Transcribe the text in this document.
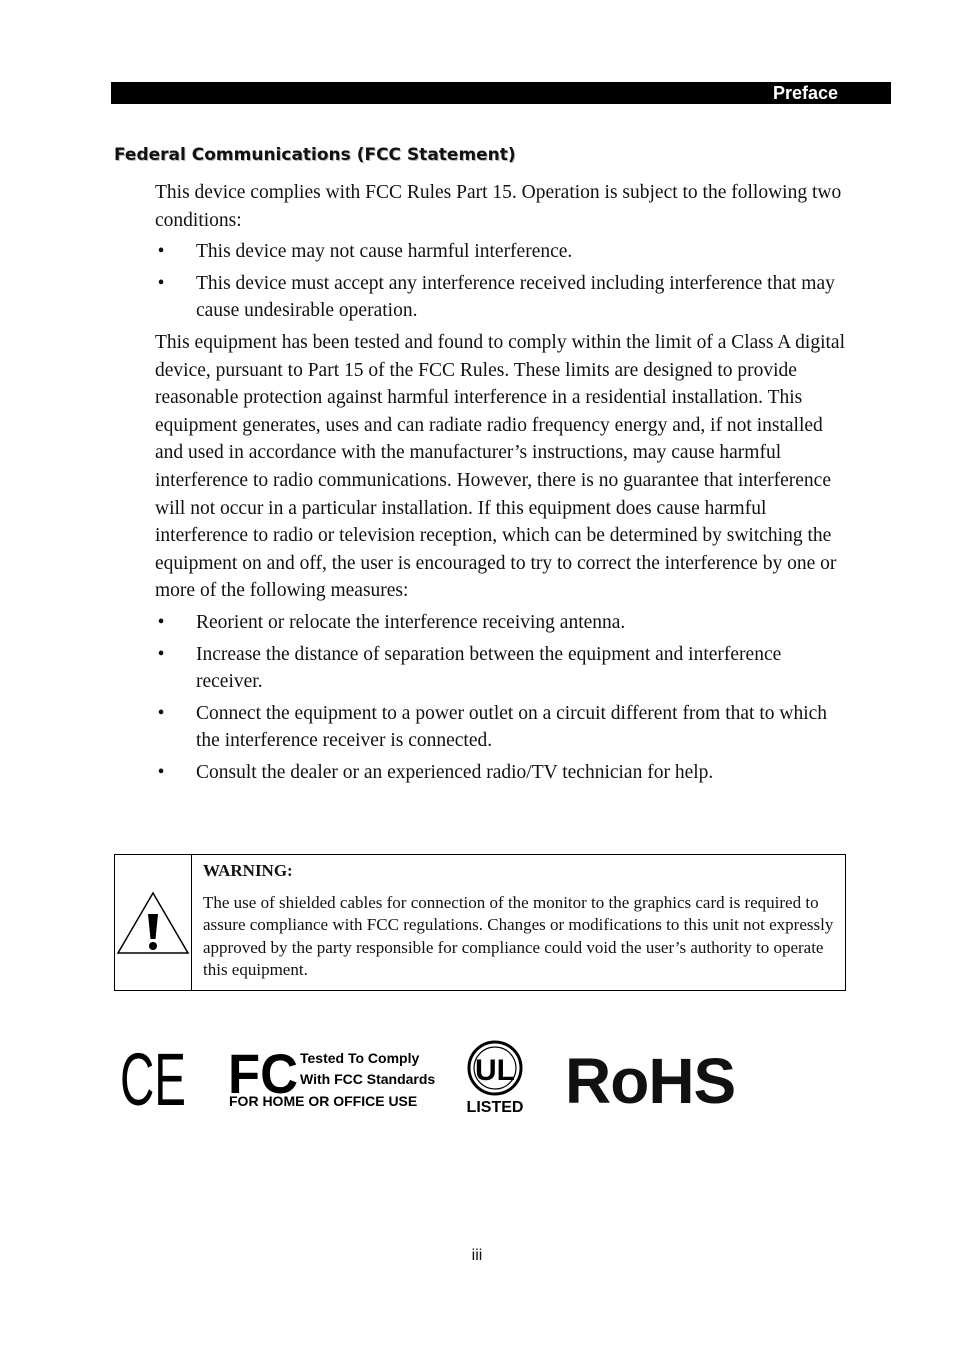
Preface
Federal Communications (FCC Statement)

This device complies with FCC Rules Part 15. Operation is subject to the following two conditions:

• This device may not cause harmful interference.
• This device must accept any interference received including interference that may cause undesirable operation.

This equipment has been tested and found to comply within the limit of a Class A digital device, pursuant to Part 15 of the FCC Rules. These limits are designed to provide reasonable protection against harmful interference in a residential installation. This equipment generates, uses and can radiate radio frequency energy and, if not installed and used in accordance with the manufacturer’s instructions, may cause harmful interference to radio communications. However, there is no guarantee that interference will not occur in a particular installation. If this equipment does cause harmful interference to radio or television reception, which can be determined by switching the equipment on and off, the user is encouraged to try to correct the interference by one or more of the following measures:

• Reorient or relocate the interference receiving antenna.
• Increase the distance of separation between the equipment and interference receiver.
• Connect the equipment to a power outlet on a circuit different from that to which the interference receiver is connected.
• Consult the dealer or an experienced radio/TV technician for help.
WARNING:
The use of shielded cables for connection of the monitor to the graphics card is required to assure compliance with FCC regulations. Changes or modifications to this unit not expressly approved by the party responsible for compliance could void the user’s authority to operate this equipment.
CE FC Tested To Comply
With FCC Standards
FOR HOME OR OFFICE USE
UL
LISTED RoHS
iii
